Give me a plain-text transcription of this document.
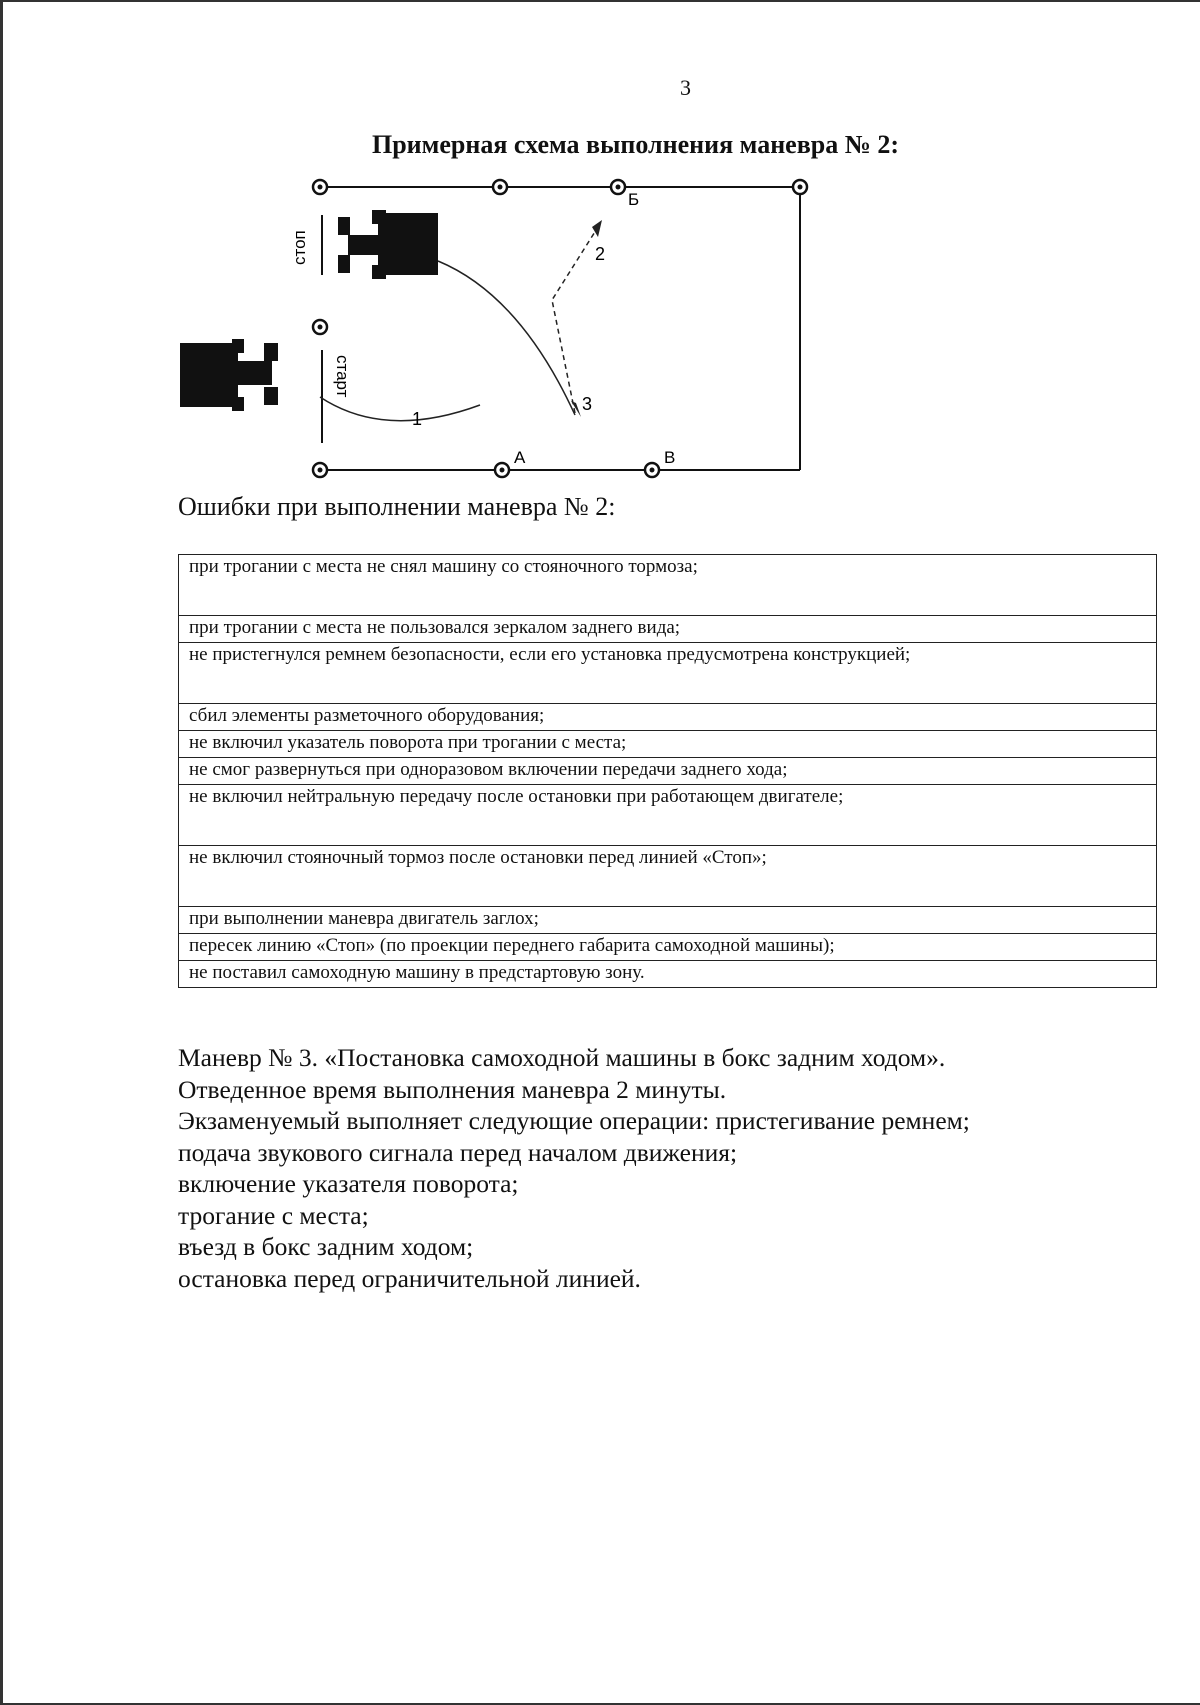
3
Примерная схема выполнения маневра № 2:
стоп
старт
1
2
3
Б
А	В
Ошибки при выполнении маневра № 2:
при трогании с места не снял машину со стояночного тормоза;
при трогании с места не пользовался зеркалом заднего вида;
не пристегнулся ремнем безопасности, если его установка предусмотрена конструкцией;
сбил элементы разметочного оборудования;
не включил указатель поворота при трогании с места;
не смог развернуться при одноразовом включении передачи заднего хода;
не включил нейтральную передачу после остановки при работающем двигателе;
не включил стояночный тормоз после остановки перед линией «Стоп»;
при выполнении маневра двигатель заглох;
пересек линию «Стоп» (по проекции переднего габарита самоходной машины);
не поставил самоходную машину в предстартовую зону.

Маневр № 3. «Постановка самоходной машины в бокс задним ходом».

Отведенное время выполнения маневра 2 минуты.

Экзаменуемый выполняет следующие операции: пристегивание ремнем;

подача звукового сигнала перед началом движения;

включение указателя поворота;

трогание с места;

въезд в бокс задним ходом;

остановка перед ограничительной линией.
